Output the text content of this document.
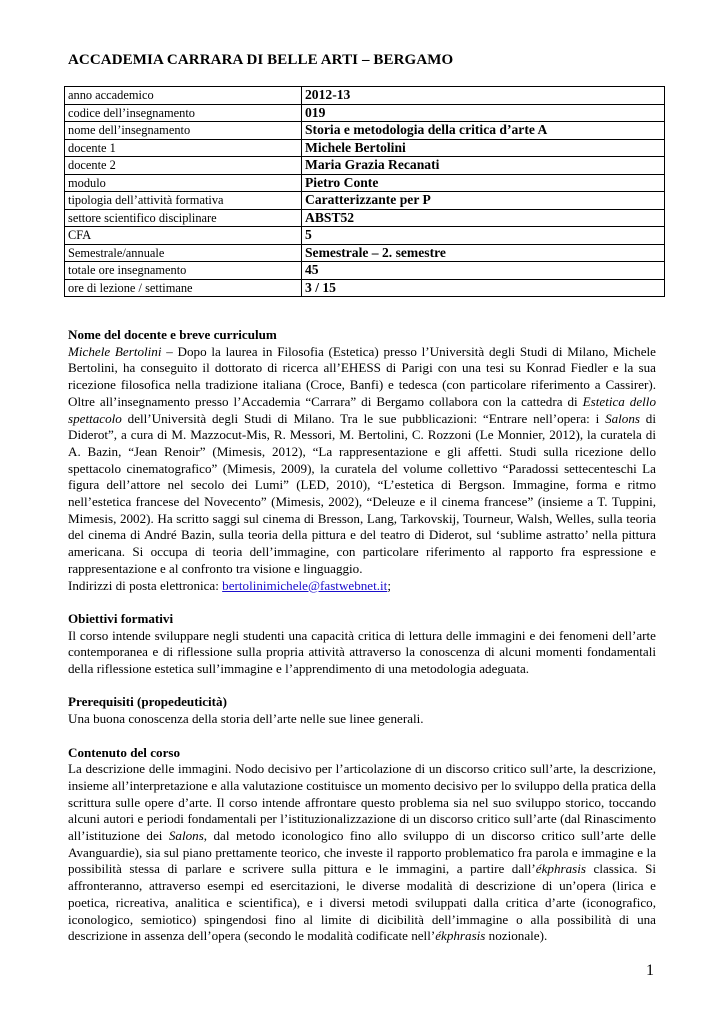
ACCADEMIA CARRARA DI BELLE ARTI – BERGAMO
anno accademico	2012-13
codice dell’insegnamento	019
nome dell’insegnamento	Storia e metodologia della critica d’arte A
docente 1	Michele Bertolini
docente 2	Maria Grazia Recanati
modulo	Pietro Conte
tipologia dell’attività formativa	Caratterizzante per P
settore scientifico disciplinare	ABST52
CFA	5
Semestrale/annuale	Semestrale – 2. semestre
totale ore insegnamento	45
ore di lezione / settimane	3 / 15
Nome del docente e breve curriculum

Michele Bertolini – Dopo la laurea in Filosofia (Estetica) presso l’Università degli Studi di Milano, Michele Bertolini, ha conseguito il dottorato di ricerca all’EHESS di Parigi con una tesi su Konrad Fiedler e la sua ricezione filosofica nella tradizione italiana (Croce, Banfi) e tedesca (con particolare riferimento a Cassirer). Oltre all’insegnamento presso l’Accademia “Carrara” di Bergamo collabora con la cattedra di Estetica dello spettacolo dell’Università degli Studi di Milano. Tra le sue pubblicazioni: “Entrare nell’opera: i Salons di Diderot”, a cura di M. Mazzocut-Mis, R. Messori, M. Bertolini, C. Rozzoni (Le Monnier, 2012), la curatela di A. Bazin, “Jean Renoir” (Mimesis, 2012), “La rappresentazione e gli affetti. Studi sulla ricezione dello spettacolo cinematografico” (Mimesis, 2009), la curatela del volume collettivo “Paradossi settecenteschi La figura dell’attore nel secolo dei Lumi” (LED, 2010), “L’estetica di Bergson. Immagine, forma e ritmo nell’estetica francese del Novecento” (Mimesis, 2002), “Deleuze e il cinema francese” (insieme a T. Tuppini, Mimesis, 2002). Ha scritto saggi sul cinema di Bresson, Lang, Tarkovskij, Tourneur, Walsh, Welles, sulla teoria del cinema di André Bazin, sulla teoria della pittura e del teatro di Diderot, sul ‘sublime astratto’ nella pittura americana. Si occupa di teoria dell’immagine, con particolare riferimento al rapporto fra espressione e rappresentazione e al confronto tra visione e linguaggio.

Indirizzi di posta elettronica: bertolinimichele@fastwebnet.it;

Obiettivi formativi

Il corso intende sviluppare negli studenti una capacità critica di lettura delle immagini e dei fenomeni dell’arte contemporanea e di riflessione sulla propria attività attraverso la conoscenza di alcuni momenti fondamentali della riflessione estetica sull’immagine e l’apprendimento di una metodologia adeguata.

Prerequisiti (propedeuticità)

Una buona conoscenza della storia dell’arte nelle sue linee generali.

Contenuto del corso

La descrizione delle immagini. Nodo decisivo per l’articolazione di un discorso critico sull’arte, la descrizione, insieme all’interpretazione e alla valutazione costituisce un momento decisivo per lo sviluppo della pratica della scrittura sulle opere d’arte. Il corso intende affrontare questo problema sia nel suo sviluppo storico, toccando alcuni autori e periodi fondamentali per l’istituzionalizzazione di un discorso critico sull’arte (dal Rinascimento all’istituzione dei Salons, dal metodo iconologico fino allo sviluppo di un discorso critico sull’arte delle Avanguardie), sia sul piano prettamente teorico, che investe il rapporto problematico fra parola e immagine e la possibilità stessa di parlare e scrivere sulla pittura e le immagini, a partire dall’ékphrasis classica. Si affronteranno, attraverso esempi ed esercitazioni, le diverse modalità di descrizione di un’opera (lirica e poetica, ricreativa, analitica e scientifica), e i diversi metodi sviluppati dalla critica d’arte (iconografico, iconologico, semiotico) spingendosi fino al limite di dicibilità dell’immagine o alla possibilità di una descrizione in assenza dell’opera (secondo le modalità codificate nell’ékphrasis nozionale).

1
